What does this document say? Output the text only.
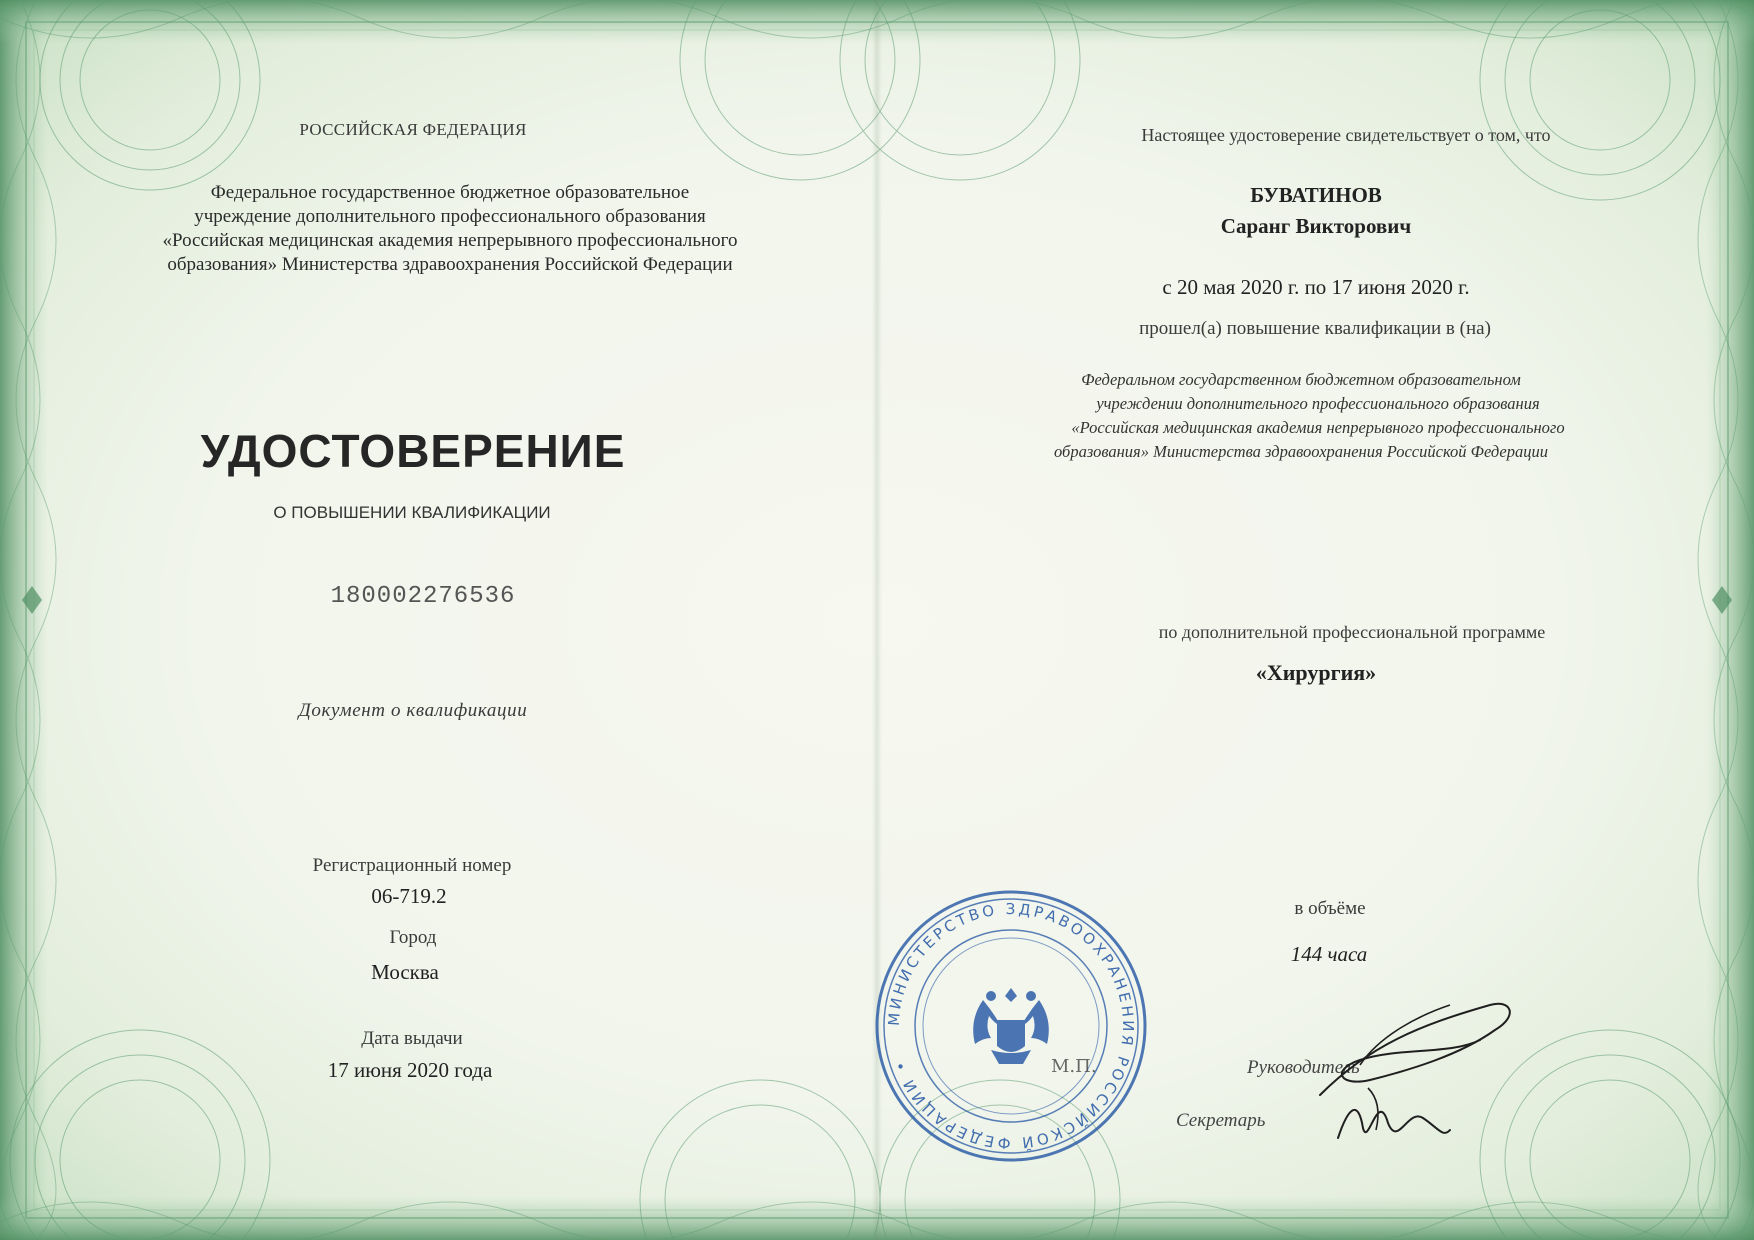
РОССИЙСКАЯ ФЕДЕРАЦИЯ
Федеральное государственное бюджетное образовательное
учреждение дополнительного профессионального образования
«Российская медицинская академия непрерывного профессионального
образования» Министерства здравоохранения Российской Федерации
УДОСТОВЕРЕНИЕ
О ПОВЫШЕНИИ КВАЛИФИКАЦИИ
180002276536
Документ о квалификации
Регистрационный номер
06-719.2
Город
Москва
Дата выдачи
17 июня 2020 года
Настоящее удостоверение свидетельствует о том, что
БУВАТИНОВ
Саранг Викторович
с 20 мая 2020 г. по 17 июня 2020 г.
прошел(а) повышение квалификации в (на)
Федеральном государственном бюджетном образовательном
учреждении дополнительного профессионального образования
«Российская медицинская академия непрерывного профессионального
образования» Министерства здравоохранения Российской Федерации
по дополнительной профессиональной программе
«Хирургия»
в объёме
144 часа
Руководитель
Секретарь
МИНИСТЕРСТВО ЗДРАВООХРАНЕНИЯ РОССИЙСКОЙ ФЕДЕРАЦИИ •	М.П.
